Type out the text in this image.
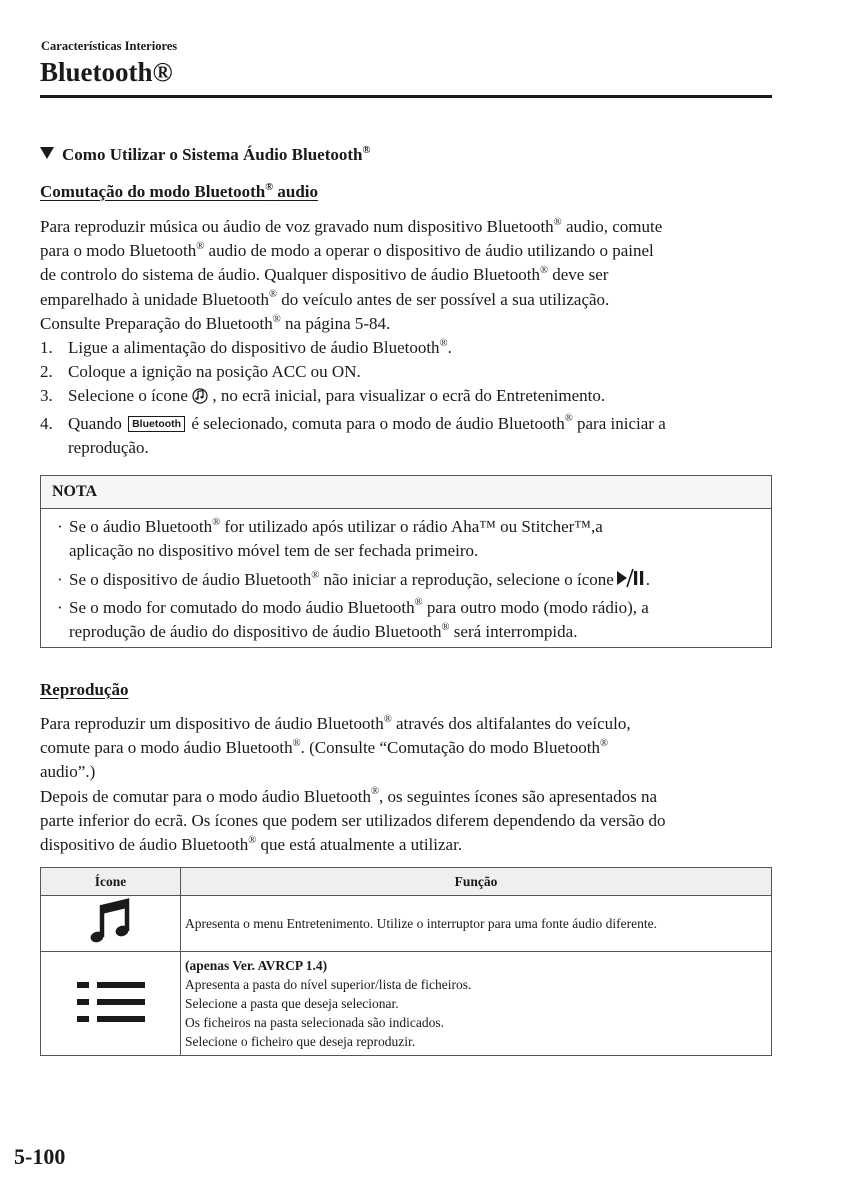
Características Interiores
Bluetooth®
Como Utilizar o Sistema Áudio Bluetooth®
Comutação do modo Bluetooth® audio

Para reproduzir música ou áudio de voz gravado num dispositivo Bluetooth® audio, comute

para o modo Bluetooth® audio de modo a operar o dispositivo de áudio utilizando o painel

de controlo do sistema de áudio. Qualquer dispositivo de áudio Bluetooth® deve ser

emparelhado à unidade Bluetooth® do veículo antes de ser possível a sua utilização.

Consulte Preparação do Bluetooth® na página 5-84.

1. Ligue a alimentação do dispositivo de áudio Bluetooth®.
2. Coloque a ignição na posição ACC ou ON.
3. Selecione o ícone  , no ecrã inicial, para visualizar o ecrã do Entretenimento.
4. Quando Bluetooth é selecionado, comuta para o modo de áudio Bluetooth® para iniciar a
reprodução.
NOTA
· Se o áudio Bluetooth® for utilizado após utilizar o rádio Aha™ ou Stitcher™,a
aplicação no dispositivo móvel tem de ser fechada primeiro.
· Se o dispositivo de áudio Bluetooth® não iniciar a reprodução, selecione o ícone .
· Se o modo for comutado do modo áudio Bluetooth® para outro modo (modo rádio), a
reprodução de áudio do dispositivo de áudio Bluetooth® será interrompida.
Reprodução

Para reproduzir um dispositivo de áudio Bluetooth® através dos altifalantes do veículo,

comute para o modo áudio Bluetooth®. (Consulte “Comutação do modo Bluetooth®

audio”.)

Depois de comutar para o modo áudio Bluetooth®, os seguintes ícones são apresentados na

parte inferior do ecrã. Os ícones que podem ser utilizados diferem dependendo da versão do

dispositivo de áudio Bluetooth® que está atualmente a utilizar.

Ícone	Função
	Apresenta o menu Entretenimento. Utilize o interruptor para uma fonte áudio diferente.

(apenas Ver. AVRCP 1.4)
Apresenta a pasta do nível superior/lista de ficheiros.
Selecione a pasta que deseja selecionar.
Os ficheiros na pasta selecionada são indicados.
Selecione o ficheiro que deseja reproduzir.
5-100
